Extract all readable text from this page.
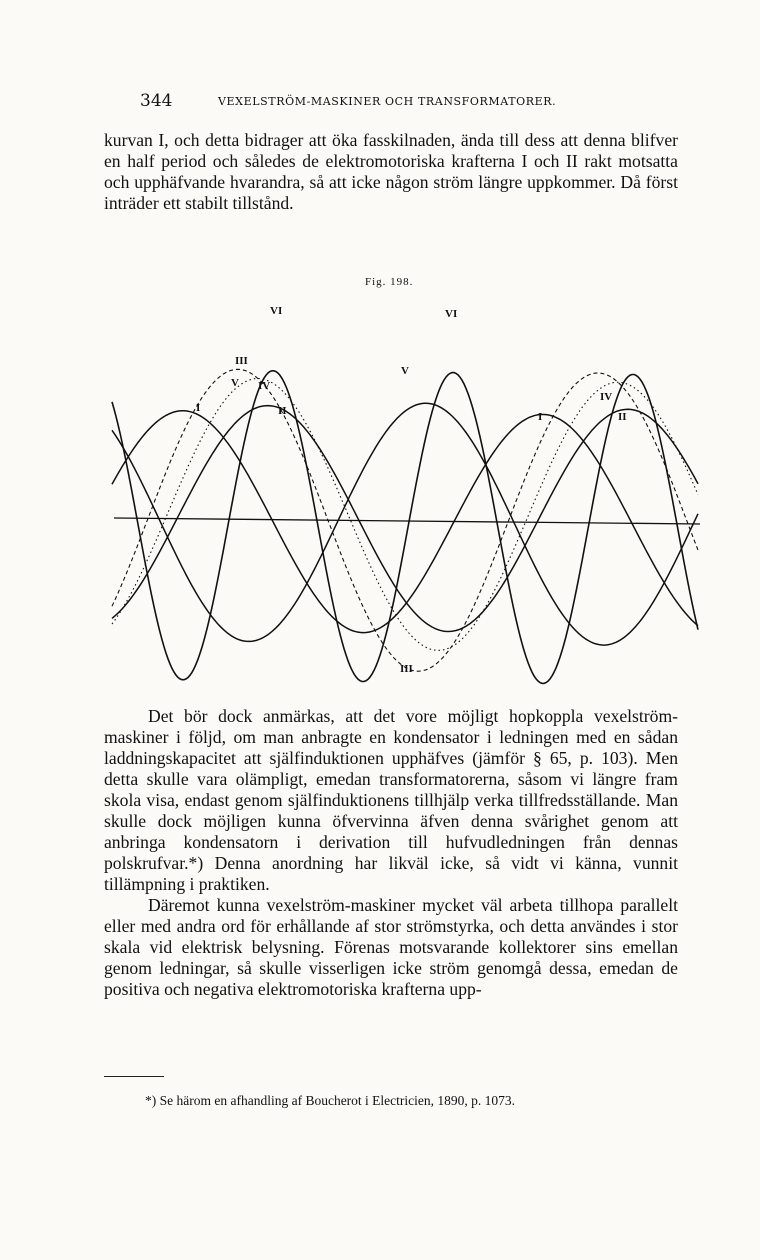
344	VEXELSTRÖM-MASKINER OCH TRANSFORMATORER.

kurvan I, och detta bidrager att öka fasskilnaden, ända till dess att denna blifver en half period och således de elektromotoriska krafterna I och II rakt motsatta och upphäfvande hvarandra, så att icke någon ström längre uppkommer. Då först inträder ett stabilt tillstånd.

Fig. 198.
VI	VI
V
III
V IV
I	II	I
IV
II
III

Det bör dock anmärkas, att det vore möjligt hopkoppla vexelström-maskiner i följd, om man anbragte en kondensator i ledningen med en sådan laddningskapacitet att själfinduktionen upphäfves (jämför § 65, p. 103). Men detta skulle vara olämpligt, emedan transformatorerna, såsom vi längre fram skola visa, endast genom själfinduktionens tillhjälp verka tillfredsställande. Man skulle dock möjligen kunna öfvervinna äfven denna svårighet genom att anbringa kondensatorn i derivation till hufvudledningen från dennas polskrufvar.*) Denna anordning har likväl icke, så vidt vi känna, vunnit tillämpning i praktiken.

Däremot kunna vexelström-maskiner mycket väl arbeta tillhopa parallelt eller med andra ord för erhållande af stor strömstyrka, och detta användes i stor skala vid elektrisk belysning. Förenas motsvarande kollektorer sins emellan genom ledningar, så skulle visserligen icke ström genomgå dessa, emedan de positiva och negativa elektromotoriska krafterna upp-

*) Se härom en afhandling af Boucherot i Electricien, 1890, p. 1073.
